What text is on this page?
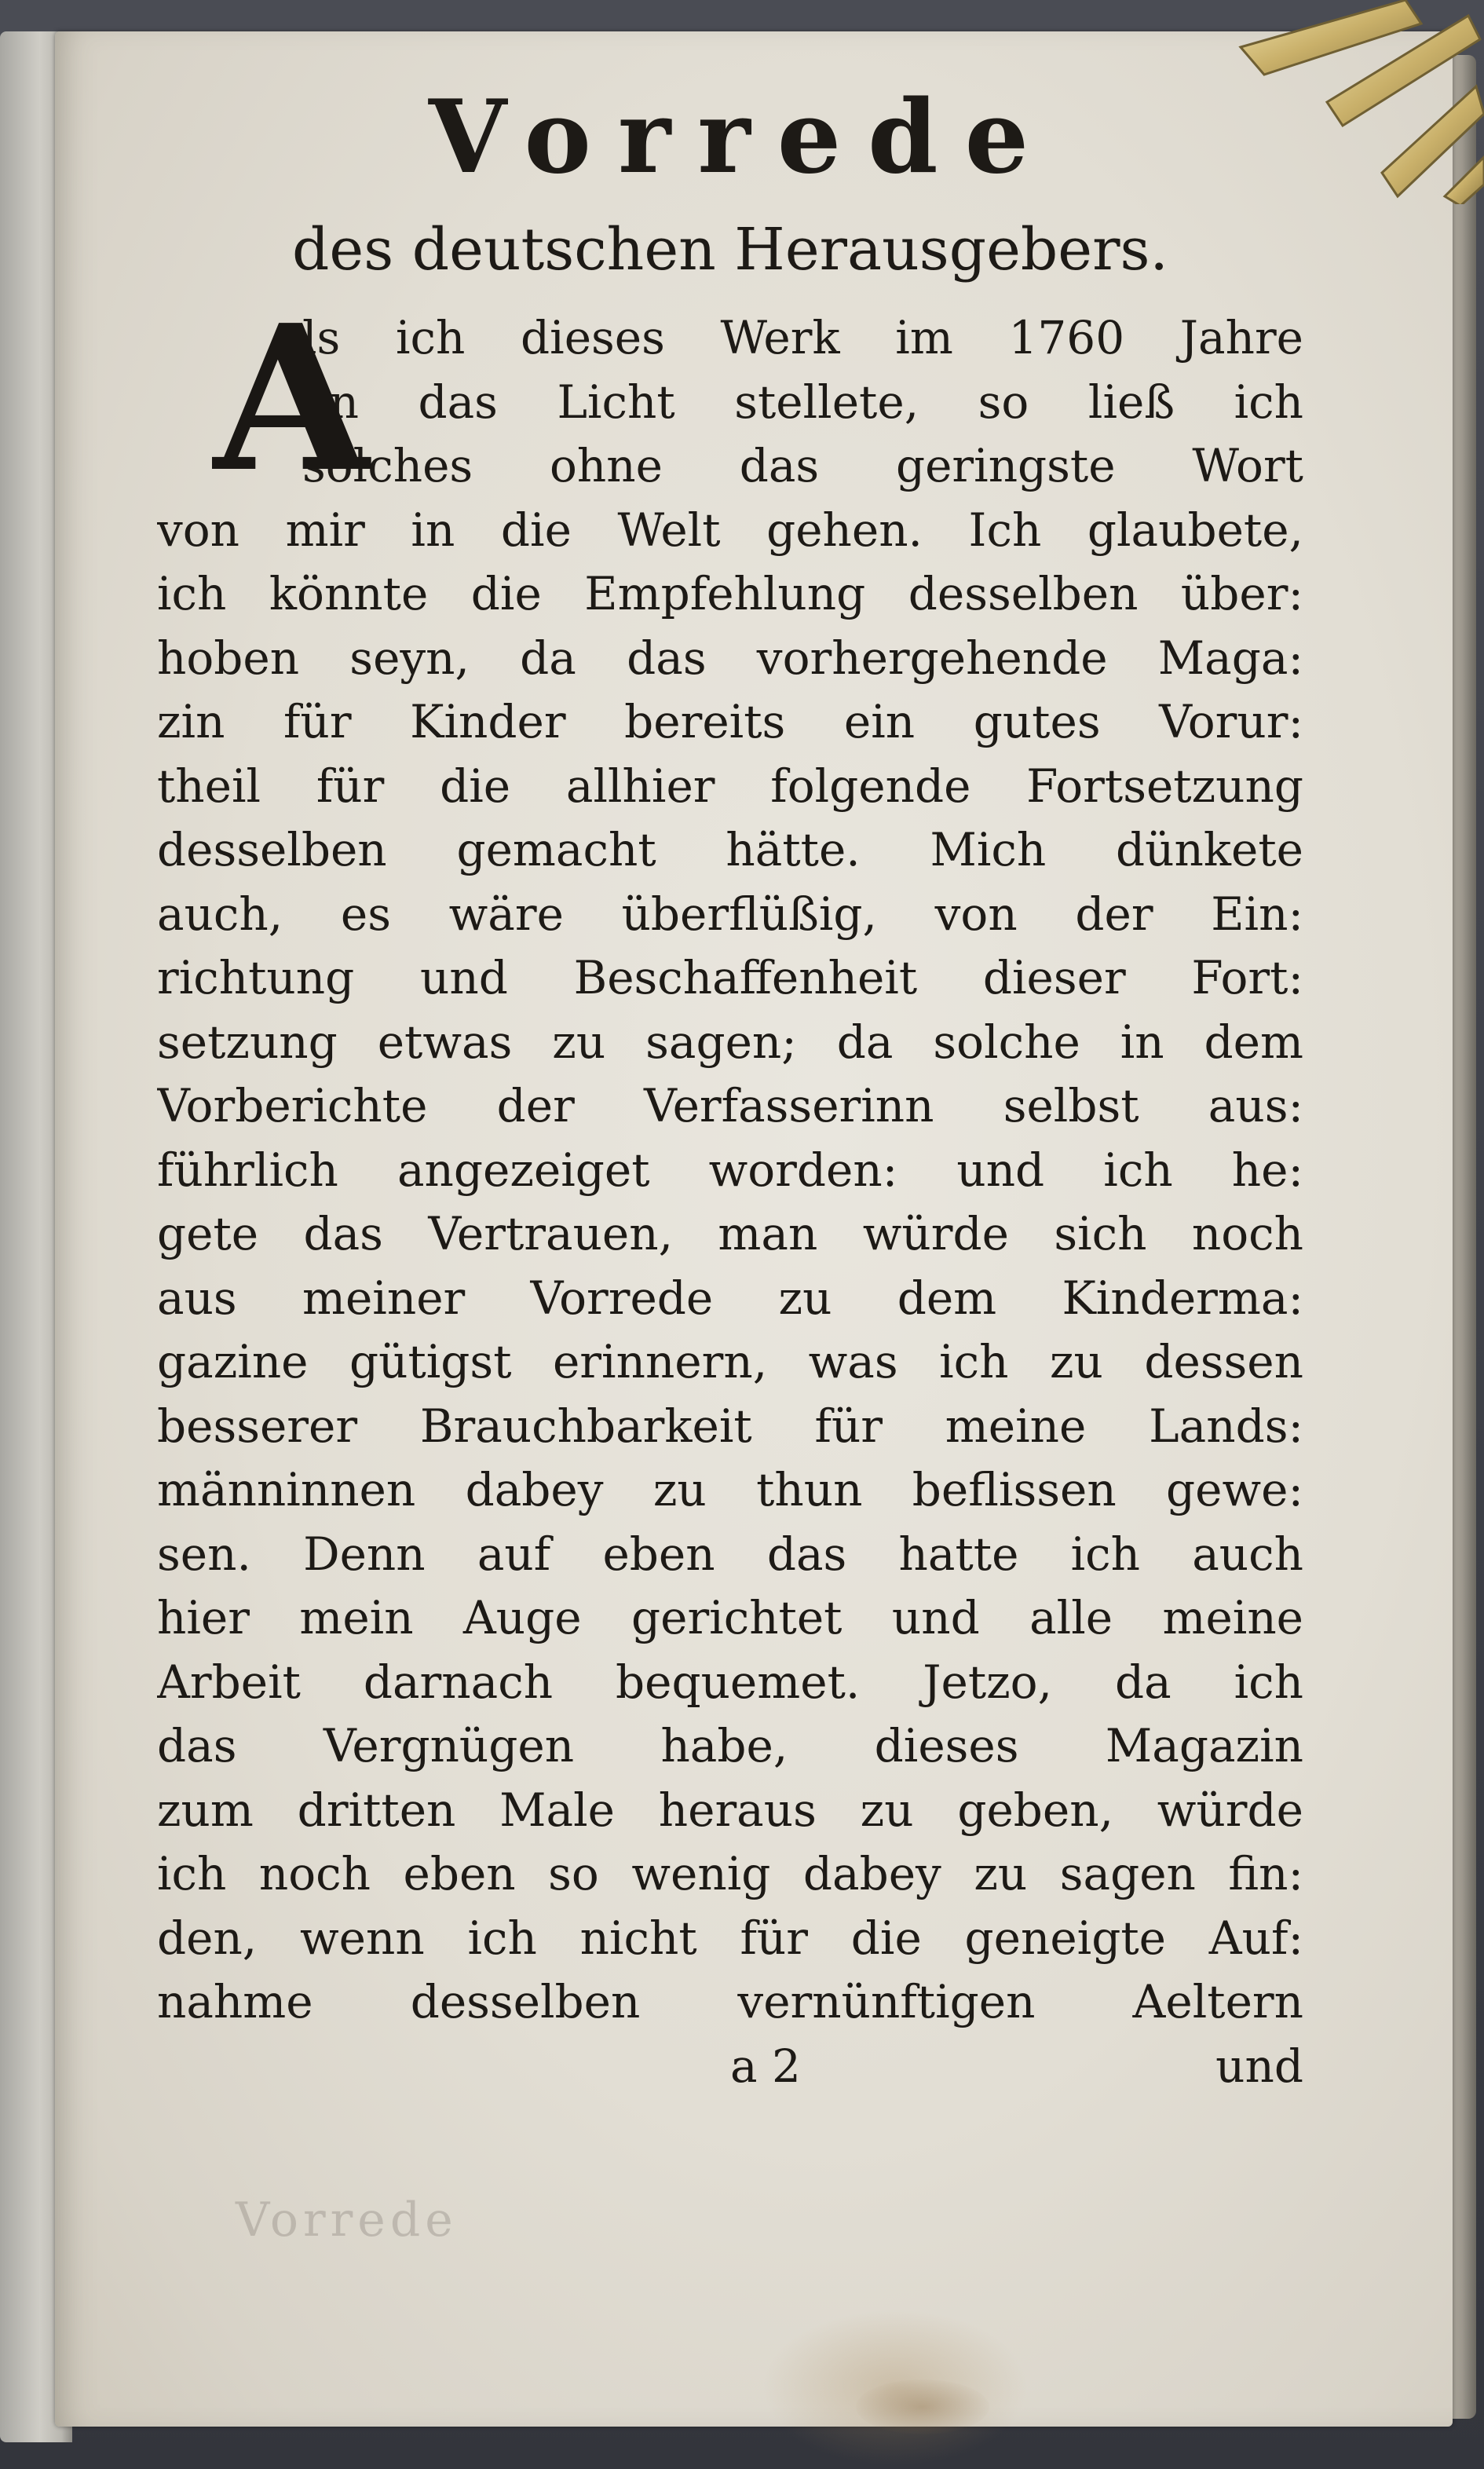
Vorrede
Vorrede
des deutschen Herausgebers.
A
ls ich dieses Werk im 1760 Jahre
an das Licht stellete, so ließ ich
solches ohne das geringste Wort
von mir in die Welt gehen. Ich glaubete,
ich könnte die Empfehlung desselben über:
hoben seyn, da das vorhergehende Maga:
zin für Kinder bereits ein gutes Vorur:
theil für die allhier folgende Fortsetzung
desselben gemacht hätte. Mich dünkete
auch, es wäre überflüßig, von der Ein:
richtung und Beschaffenheit dieser Fort:
setzung etwas zu sagen; da solche in dem
Vorberichte der Verfasserinn selbst aus:
führlich angezeiget worden: und ich he:
gete das Vertrauen, man würde sich noch
aus meiner Vorrede zu dem Kinderma:
gazine gütigst erinnern, was ich zu dessen
besserer Brauchbarkeit für meine Lands:
männinnen dabey zu thun beflissen gewe:
sen. Denn auf eben das hatte ich auch
hier mein Auge gerichtet und alle meine
Arbeit darnach bequemet. Jetzo, da ich
das Vergnügen habe, dieses Magazin
zum dritten Male heraus zu geben, würde
ich noch eben so wenig dabey zu sagen fin:
den, wenn ich nicht für die geneigte Auf:
nahme desselben vernünftigen Aeltern
a 2	und
